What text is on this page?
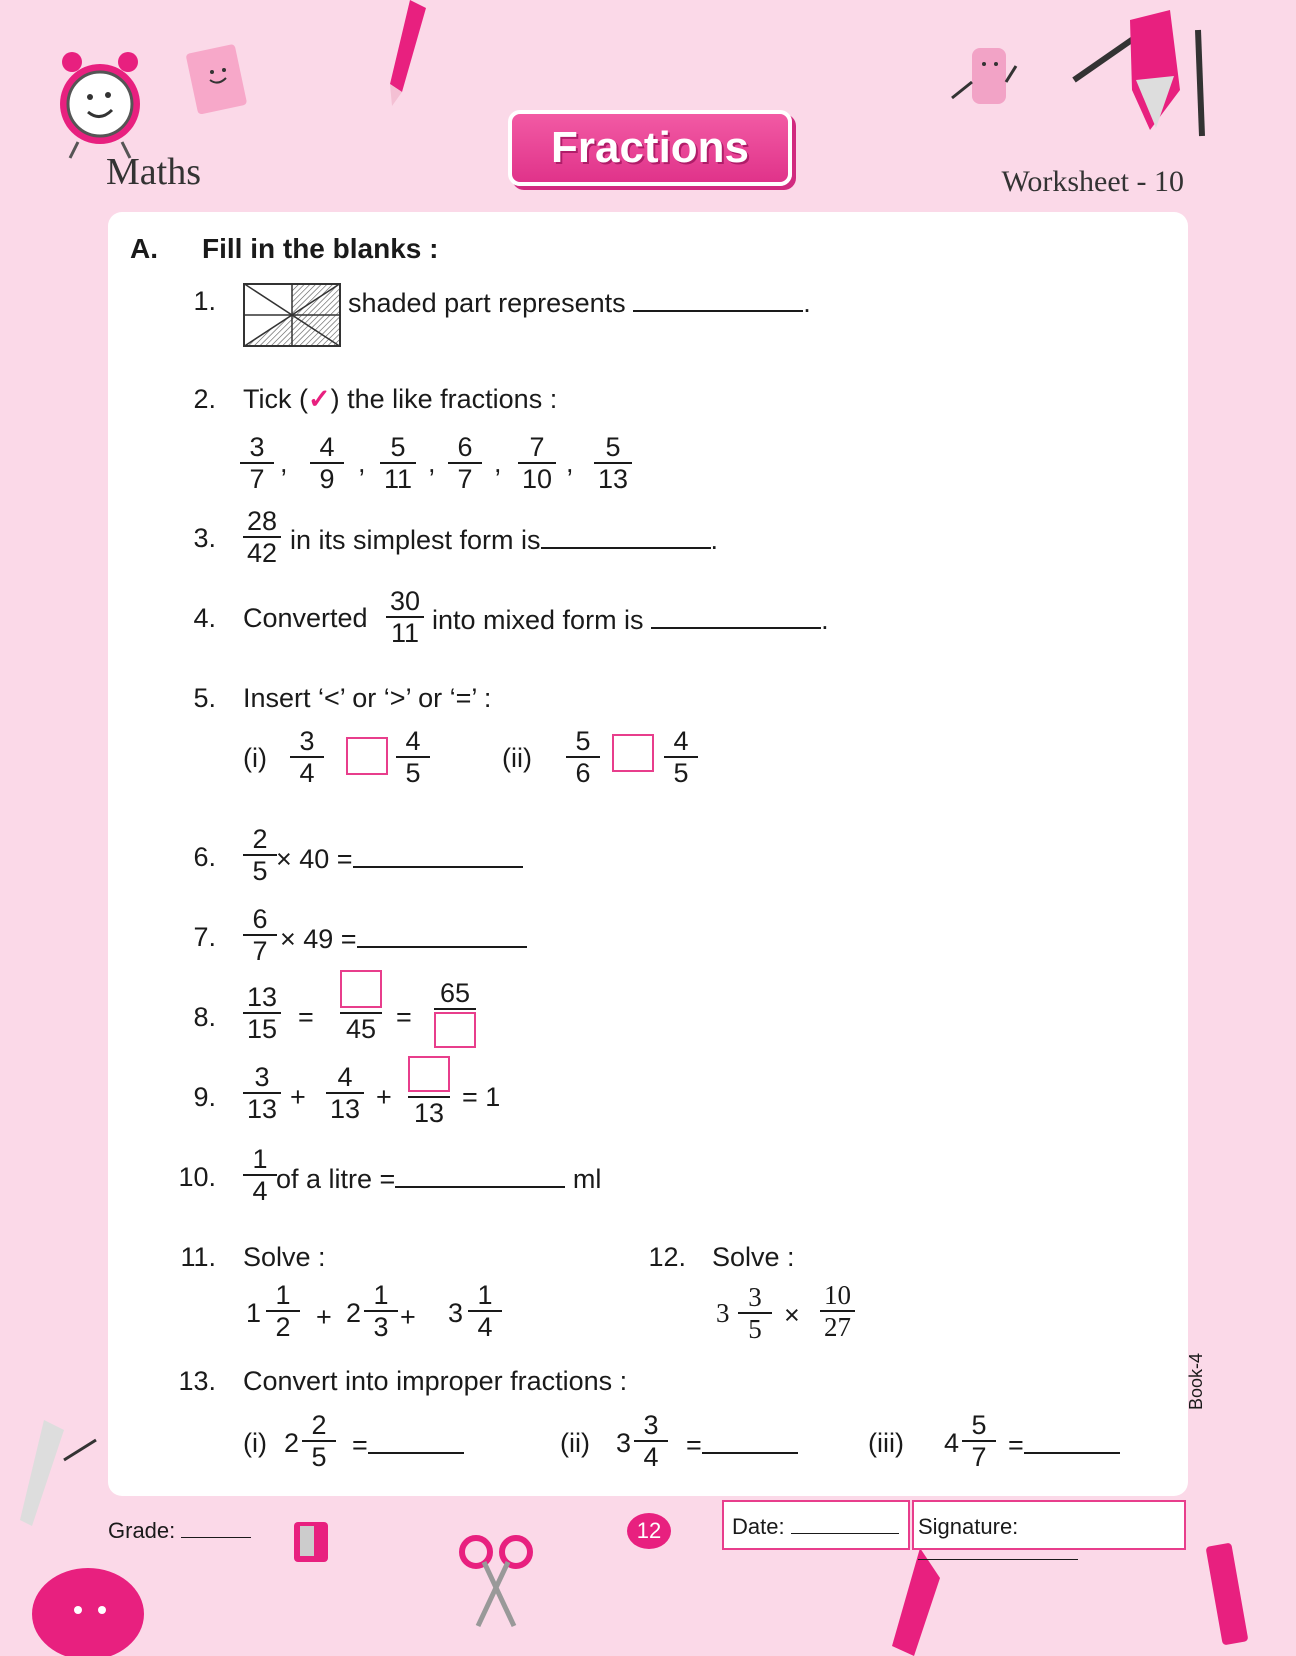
Maths	Fractions
Worksheet - 10
A. Fill in the blanks :
1.	shaded part represents	.
2. Tick (✓) the like fractions :
3
7
,
4
9
,
5
11
,
6
7
,
7
10
,
5
13
3.
28
42 in its simplest form is	.
4. Converted
30
11 into mixed form is	.
5. Insert ‘<’ or ‘>’ or ‘=’ :
(i)
3
4
4
5	(ii)
5
6
4
5
6.
2
5 × 40 =
7.
6
7 × 49 =
8.
13
15 = 45 =
65
9.
3
13 +
4
13 +
13
= 1
10.
1
4 of a litre =	ml
11. Solve :
1
1
2 + 2
1
3 + 3
1
4
12. Solve :
3
3
5 ×
10
27
13. Convert into improper fractions :
(i) 2
2
5 =	(ii) 3
3
4 =	(iii) 4
5
7 =
Book-4
Grade:	12	Date:	Signature:
